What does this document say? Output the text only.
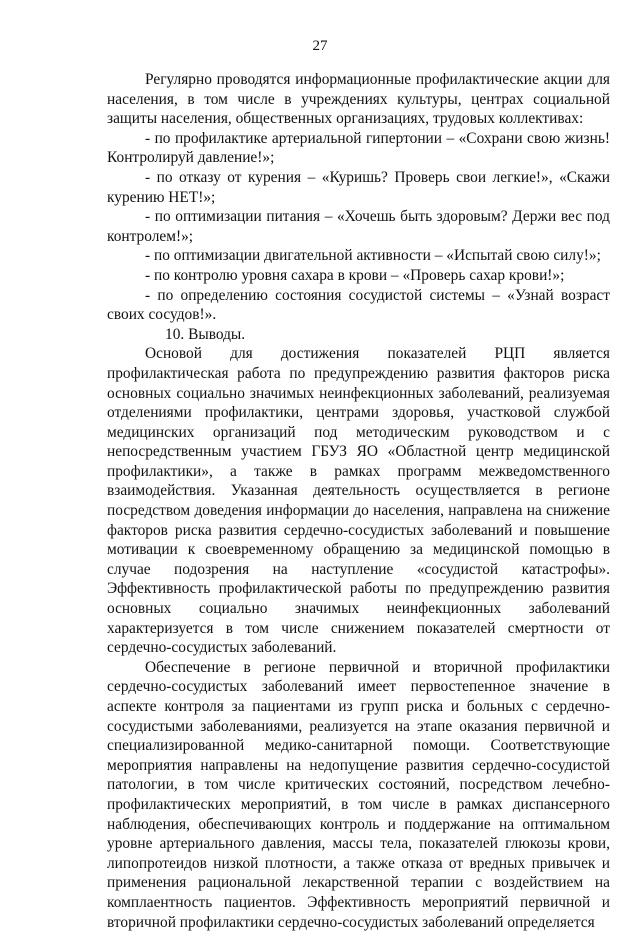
27

Регулярно проводятся информационные профилактические акции для населения, в том числе в учреждениях культуры, центрах социальной защиты населения, общественных организациях, трудовых коллективах:

- по профилактике артериальной гипертонии – «Сохрани свою жизнь! Контролируй давление!»;

- по отказу от курения – «Куришь? Проверь свои легкие!», «Скажи курению НЕТ!»;

- по оптимизации питания – «Хочешь быть здоровым? Держи вес под контролем!»;

- по оптимизации двигательной активности – «Испытай свою силу!»;

- по контролю уровня сахара в крови – «Проверь сахар крови!»;

- по определению состояния сосудистой системы – «Узнай возраст своих сосудов!».

10. Выводы.

Основой для достижения показателей РЦП является профилактическая работа по предупреждению развития факторов риска основных социально значимых неинфекционных заболеваний, реализуемая отделениями профилактики, центрами здоровья, участковой службой медицинских организаций под методическим руководством и с непосредственным участием ГБУЗ ЯО «Областной центр медицинской профилактики», а также в рамках программ межведомственного взаимодействия. Указанная деятельность осуществляется в регионе посредством доведения информации до населения, направлена на снижение факторов риска развития сердечно-сосудистых заболеваний и повышение мотивации к своевременному обращению за медицинской помощью в случае подозрения на наступление «сосудистой катастрофы». Эффективность профилактической работы по предупреждению развития основных социально значимых неинфекционных заболеваний характеризуется в том числе снижением показателей смертности от сердечно-сосудистых заболеваний.

Обеспечение в регионе первичной и вторичной профилактики сердечно-сосудистых заболеваний имеет первостепенное значение в аспекте контроля за пациентами из групп риска и больных с сердечно-сосудистыми заболеваниями, реализуется на этапе оказания первичной и специализированной медико-санитарной помощи. Соответствующие мероприятия направлены на недопущение развития сердечно-сосудистой патологии, в том числе критических состояний, посредством лечебно-профилактических мероприятий, в том числе в рамках диспансерного наблюдения, обеспечивающих контроль и поддержание на оптимальном уровне артериального давления, массы тела, показателей глюкозы крови, липопротеидов низкой плотности, а также отказа от вредных привычек и применения рациональной лекарственной терапии с воздействием на комплаентность пациентов. Эффективность мероприятий первичной и вторичной профилактики сердечно-сосудистых заболеваний определяется
